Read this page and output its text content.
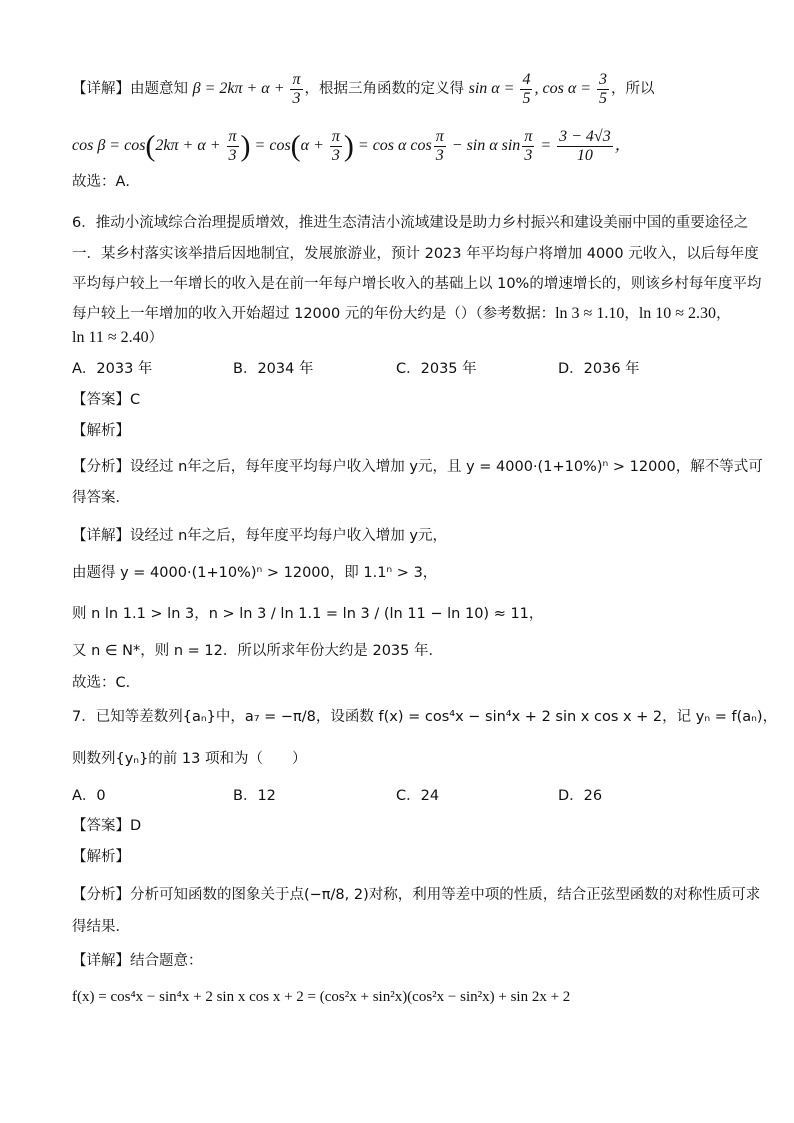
【详解】由题意知 $\beta = 2k\pi + \alpha + \frac{\pi}{3}$ ，根据三角函数的定义得 $\sin \alpha = \frac{4}{5}$ , $\cos \alpha = \frac{3}{5}$ ，所以
$\cos \beta = \cos(2k\pi + \alpha + \frac{\pi}{3}$ ) = $\cos(\alpha + \frac{\pi}{3}$ ) = cos α $\cos \frac{\pi}{3} - \sin \alpha$ $\sin \frac{\pi}{3} = \frac{3 - 4√3}{10}$ ，
故选：A．
6．推动小流域综合治理提质增效，推进生态清洁小流域建设是助力乡村振兴和建设美丽中国的重要途径之
一．某乡村落实该举措后因地制宜，发展旅游业，预计 2023 年平均每户将增加 4000 元收入，以后每年度
平均每户较上一年增长的收入是在前一年每户增长收入的基础上以 10%的增速增长的，则该乡村每年度平均
每户较上一年增加的收入开始超过 12000 元的年份大约是（）（参考数据：ln 3 ≈ 1.10，ln 10 ≈ 2.30，
ln 11 ≈ 2.40）
A．2033 年	B．2034 年	C．2035 年	D．2036 年
【答案】C
【解析】
【分析】设经过 n年之后，每年度平均每户收入增加 y元，且 y = 4000·(1+10%)ⁿ > 12000，解不等式可
得答案．
【详解】设经过 n年之后，每年度平均每户收入增加 y元，
由题得 y = 4000·(1+10%)ⁿ > 12000，即 1.1ⁿ > 3，
则 n ln 1.1 > ln 3，n > ln 3 / ln 1.1 = ln 3 / (ln 11 − ln 10) ≈ 11，
又 n ∈ N*，则 n = 12．所以所求年份大约是 2035 年．
故选：C．
7．已知等差数列{aₙ}中，a₇ = −π/8，设函数 f(x) = cos⁴x − sin⁴x + 2 sin x cos x + 2，记 yₙ = f(aₙ)，
则数列{yₙ}的前 13 项和为（　　）
A．0	B．12	C．24	D．26
【答案】D
【解析】
【分析】分析可知函数的图象关于点(−π/8, 2)对称，利用等差中项的性质，结合正弦型函数的对称性质可求
得结果．
【详解】结合题意：
f(x) = cos⁴x − sin⁴x + 2 sin x cos x + 2 = (cos²x + sin²x)(cos²x − sin²x) + sin 2x + 2
